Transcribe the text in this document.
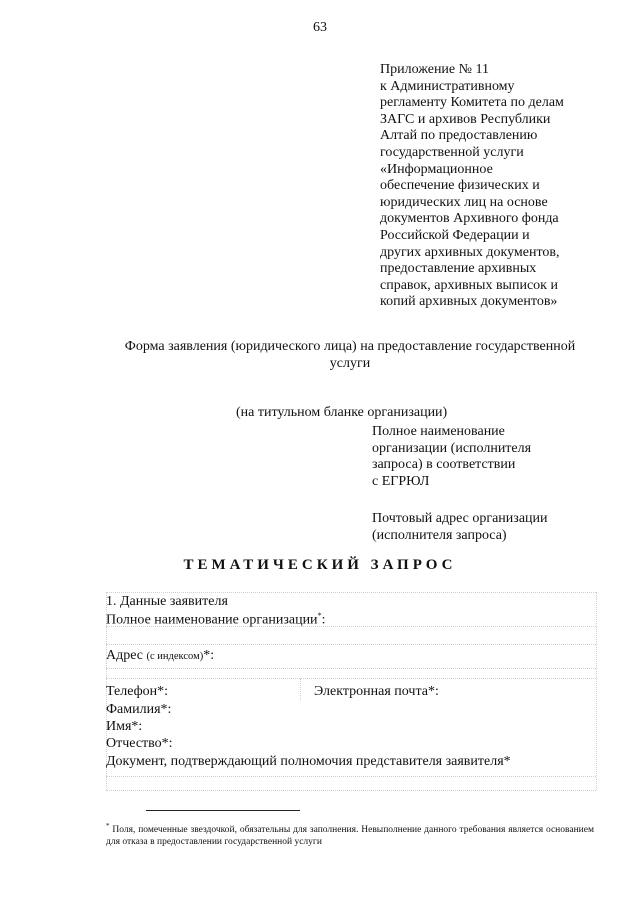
63
Приложение № 11
к Административному
регламенту Комитета по делам
ЗАГС и архивов Республики
Алтай по предоставлению
государственной услуги
«Информационное
обеспечение физических и
юридических лиц на основе
документов Архивного фонда
Российской Федерации и
других архивных документов,
предоставление архивных
справок, архивных выписок и
копий архивных документов»
Форма заявления (юридического лица) на предоставление государственной
услуги
(на титульном бланке организации)
Полное наименование
организации (исполнителя
запроса) в соответствии
с ЕГРЮЛ
Почтовый адрес организации
(исполнителя запроса)
ТЕМАТИЧЕСКИЙ ЗАПРОС
1. Данные заявителя
Полное наименование организации*:
Адрес (с индексом)*:
Телефон*:	Электронная почта*:
Фамилия*:
Имя*:
Отчество*:
Документ, подтверждающий полномочия представителя заявителя*
* Поля, помеченные звездочкой, обязательны для заполнения. Невыполнение данного требования является основанием для отказа в предоставлении государственной услуги
